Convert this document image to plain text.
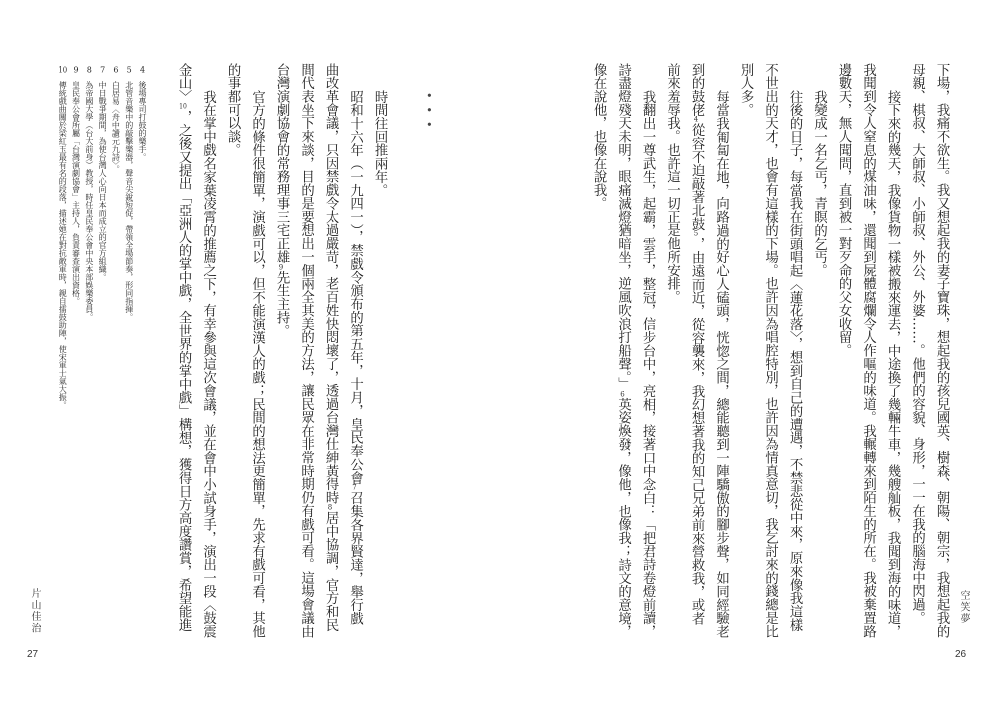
下場，我痛不欲生。我又想起我的妻子寶珠，想起我的孩兒國英、樹森、朝陽、朝宗，我想起我的
母親、棋叔、大師叔、小師叔、外公、外婆……。他們的容貌、身形，一一在我的腦海中閃過。
接下來的幾天，我像貨物一樣被搬來運去，中途換了幾輛牛車，幾艘舢板，我聞到海的味道，
我聞到令人窒息的煤油味，還聞到屍體腐爛令人作嘔的味道。我輾轉來到陌生的所在。我被棄置路
邊數天，無人聞問，直到被一對歹命的父女收留。
我變成一名乞丐，青瞑的乞丐。
往後的日子，每當我在街頭唱起〈蓮花落〉，想到自己的遭遇，不禁悲從中來，原來像我這樣
不世出的天才，也會有這樣的下場。也許因為唱腔特別，也許因為情真意切，我乞討來的錢總是比
別人多。
每當我匍匐在地，向路過的好心人磕頭，恍惚之間，總能聽到一陣驕傲的腳步聲，如同經驗老
到的鼓佬4從容不迫敲著北鼓5，由遠而近，從容襲來，我幻想著我的知己兄弟前來營救我，或者
前來羞辱我。也許這一切正是他所安排。
我翻出一尊武生，起霸，雲手，整冠，信步台中，亮相，接著口中念白：「把君詩卷燈前讀，
詩盡燈殘天未明，眼痛滅燈猶暗坐，逆風吹浪打船聲。」6英姿煥發，像他，也像我；詩文的意境，
像在說他，也像在說我。
空笑夢
26
•••
時間往回推兩年。
昭和十六年（一九四一），禁戲令頒布的第五年，十月，皇民奉公會7召集各界賢達，舉行戲
曲改革會議，只因禁戲令太過嚴苛，老百姓快悶壞了，透過台灣仕紳黃得時8居中協調，官方和民
間代表坐下來談，目的是要想出一個兩全其美的方法，讓民眾在非常時期仍有戲可看。這場會議由
台灣演劇協會的常務理事三宅正雄9先生主持。
官方的條件很簡單，演戲可以，但不能演漢人的戲；民間的想法更簡單，先求有戲可看，其他
的事都可以談。
我在掌中戲名家葉凌霄的推薦之下，有幸參與這次會議，並在會中小試身手，演出一段〈鼓震
金山〉10，之後又提出「亞洲人的掌中戲，全世界的掌中戲」構想，獲得日方高度讚賞，希望能進
4後場專司打鼓的樂手。
5北管音樂中的敲擊樂器，聲音尖銳短促，帶領全場節奏，形同指揮。
6白居易〈舟中讀元九詩〉。
7中日戰爭期間，為使台灣人心向日本而成立的官方組織。
8為帝國大學（台大前身）教授，時任皇民奉公會中央本部娛樂委員。
9皇民奉公會所屬「台灣演劇協會」主持人，負責審查演出資格。
10傳統戲曲關於梁紅玉最有名的段落，描述她在對抗敵軍時，親自擂鼓助陣，使宋軍士氣大振。
片山佳治
27
